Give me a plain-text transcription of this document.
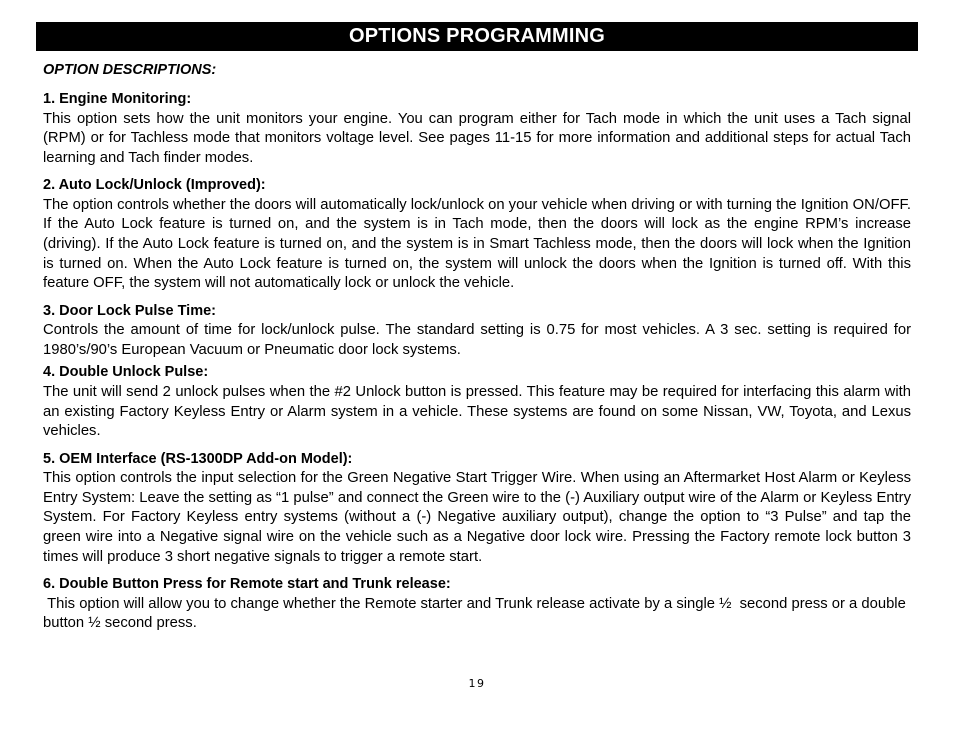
OPTIONS PROGRAMMING

OPTION DESCRIPTIONS:

1. Engine Monitoring:

This option sets how the unit monitors your engine. You can program either for Tach mode in which the unit uses a Tach signal (RPM) or for Tachless mode that monitors voltage level. See pages 11-15 for more information and additional steps for actual Tach learning and Tach finder modes.

2. Auto Lock/Unlock (Improved):

The option controls whether the doors will automatically lock/unlock on your vehicle when driving or with turning the Ignition ON/OFF. If the Auto Lock feature is turned on, and the system is in Tach mode, then the doors will lock as the engine RPM’s increase (driving). If the Auto Lock feature is turned on, and the system is in Smart Tachless mode, then the doors will lock when the Ignition is turned on. When the Auto Lock feature is turned on, the system will unlock the doors when the Ignition is turned off. With this feature OFF, the system will not automatically lock or unlock the vehicle.

3. Door Lock Pulse Time:

Controls the amount of time for lock/unlock pulse. The standard setting is 0.75 for most vehicles. A 3 sec. setting is required for 1980’s/90’s European Vacuum or Pneumatic door lock systems.

4. Double Unlock Pulse:

The unit will send 2 unlock pulses when the #2 Unlock button is pressed. This feature may be required for interfacing this alarm with an existing Factory Keyless Entry or Alarm system in a vehicle. These systems are found on some Nissan, VW, Toyota, and Lexus vehicles.

5. OEM Interface (RS-1300DP Add-on Model):

This option controls the input selection for the Green Negative Start Trigger Wire. When using an Aftermarket Host Alarm or Keyless Entry System: Leave the setting as “1 pulse” and connect the Green wire to the (-) Auxiliary output wire of the Alarm or Keyless Entry System. For Factory Keyless entry systems (without a (-) Negative auxiliary output), change the option to “3 Pulse” and tap the green wire into a Negative signal wire on the vehicle such as a Negative door lock wire. Pressing the Factory remote lock button 3 times will produce 3 short negative signals to trigger a remote start.

6. Double Button Press for Remote start and Trunk release:

This option will allow you to change whether the Remote starter and Trunk release activate by a single ½  second press or a double button ½ second press.

19
